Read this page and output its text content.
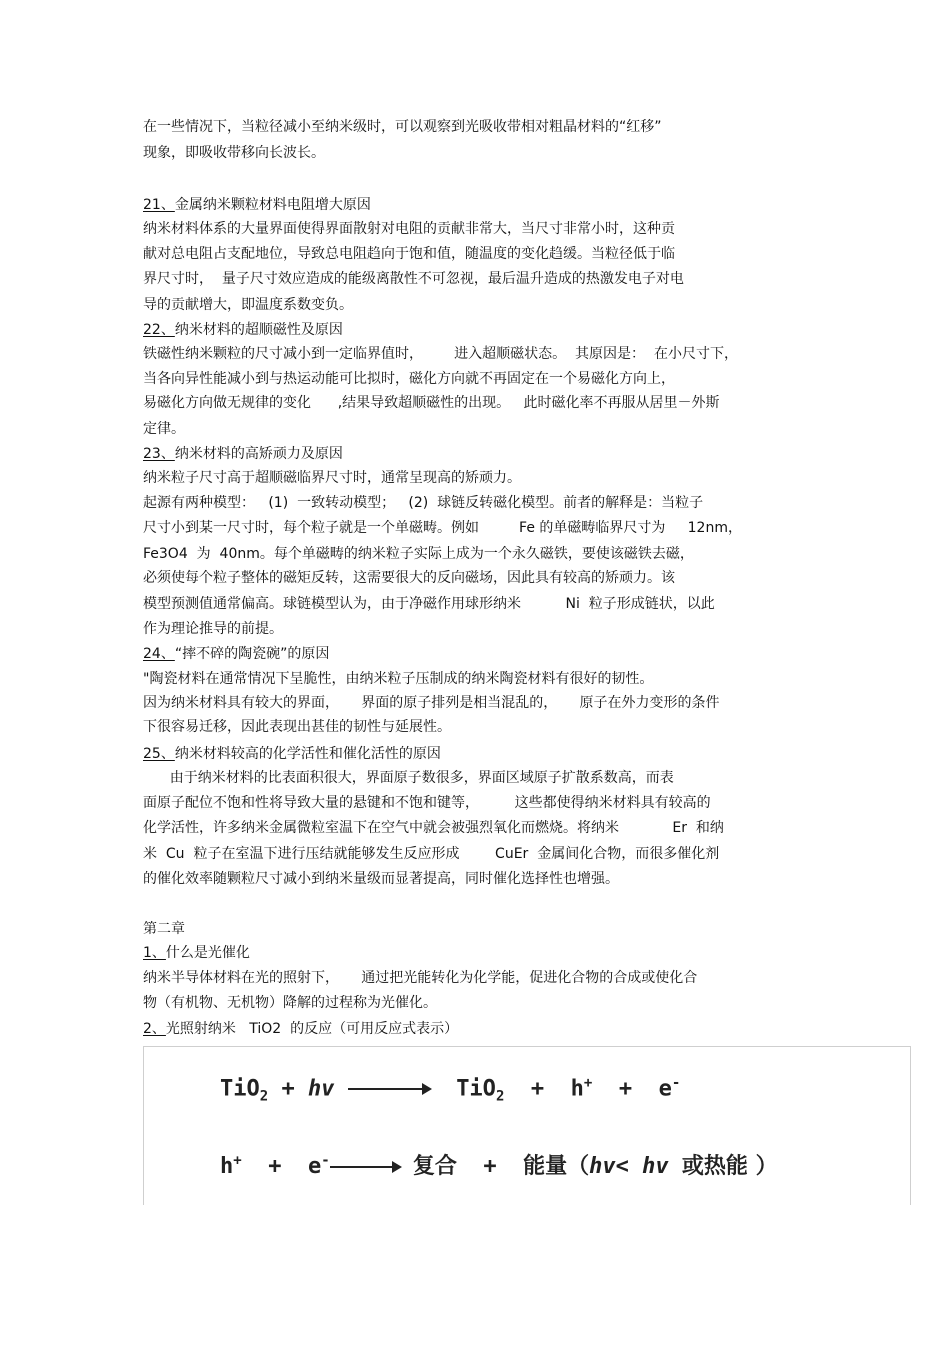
在一些情况下，当粒径减小至纳米级时，可以观察到光吸收带相对粗晶材料的“红移”
现象，即吸收带移向长波长。
21、金属纳米颗粒材料电阻增大原因
纳米材料体系的大量界面使得界面散射对电阻的贡献非常大，当尺寸非常小时，这种贡
献对总电阻占支配地位，导致总电阻趋向于饱和值，随温度的变化趋缓。当粒径低于临
界尺寸时，  量子尺寸效应造成的能级离散性不可忽视，最后温升造成的热激发电子对电
导的贡献增大，即温度系数变负。
22、纳米材料的超顺磁性及原因
铁磁性纳米颗粒的尺寸减小到一定临界值时，       进入超顺磁状态。  其原因是：  在小尺寸下，
当各向异性能减小到与热运动能可比拟时，磁化方向就不再固定在一个易磁化方向上，
易磁化方向做无规律的变化      ,结果导致超顺磁性的出现。   此时磁化率不再服从居里－外斯
定律。
23、纳米材料的高矫顽力及原因
纳米粒子尺寸高于超顺磁临界尺寸时，通常呈现高的矫顽力。
起源有两种模型：   (1)  一致转动模型；   (2)  球链反转磁化模型。前者的解释是：当粒子
尺寸小到某一尺寸时，每个粒子就是一个单磁畴。例如         Fe 的单磁畴临界尺寸为     12nm，
Fe3O4  为  40nm。每个单磁畴的纳米粒子实际上成为一个永久磁铁，要使该磁铁去磁，
必须使每个粒子整体的磁矩反转，这需要很大的反向磁场，因此具有较高的矫顽力。该
模型预测值通常偏高。球链模型认为，由于净磁作用球形纳米          Ni  粒子形成链状，以此
作为理论推导的前提。
24、“摔不碎的陶瓷碗”的原因
"陶瓷材料在通常情况下呈脆性，由纳米粒子压制成的纳米陶瓷材料有很好的韧性。
因为纳米材料具有较大的界面，     界面的原子排列是相当混乱的，     原子在外力变形的条件
下很容易迁移，因此表现出甚佳的韧性与延展性。
25、纳米材料较高的化学活性和催化活性的原因
由于纳米材料的比表面积很大，界面原子数很多，界面区域原子扩散系数高，而表
面原子配位不饱和性将导致大量的悬键和不饱和键等，        这些都使得纳米材料具有较高的
化学活性，许多纳米金属微粒室温下在空气中就会被强烈氧化而燃烧。将纳米            Er  和纳
米  Cu  粒子在室温下进行压结就能够发生反应形成        CuEr  金属间化合物，而很多催化剂
的催化效率随颗粒尺寸减小到纳米量级而显著提高，同时催化选择性也增强。
第二章
1、什么是光催化
纳米半导体材料在光的照射下，     通过把光能转化为化学能，促进化合物的合成或使化合
物（有机物、无机物）降解的过程称为光催化。
2、光照射纳米   TiO2  的反应（可用反应式表示）
TiO$_2$ + hv → TiO$_2$ + h+ + e-
h+ + e-→ 复合 + 能量（hv< hv 或热能 ）
